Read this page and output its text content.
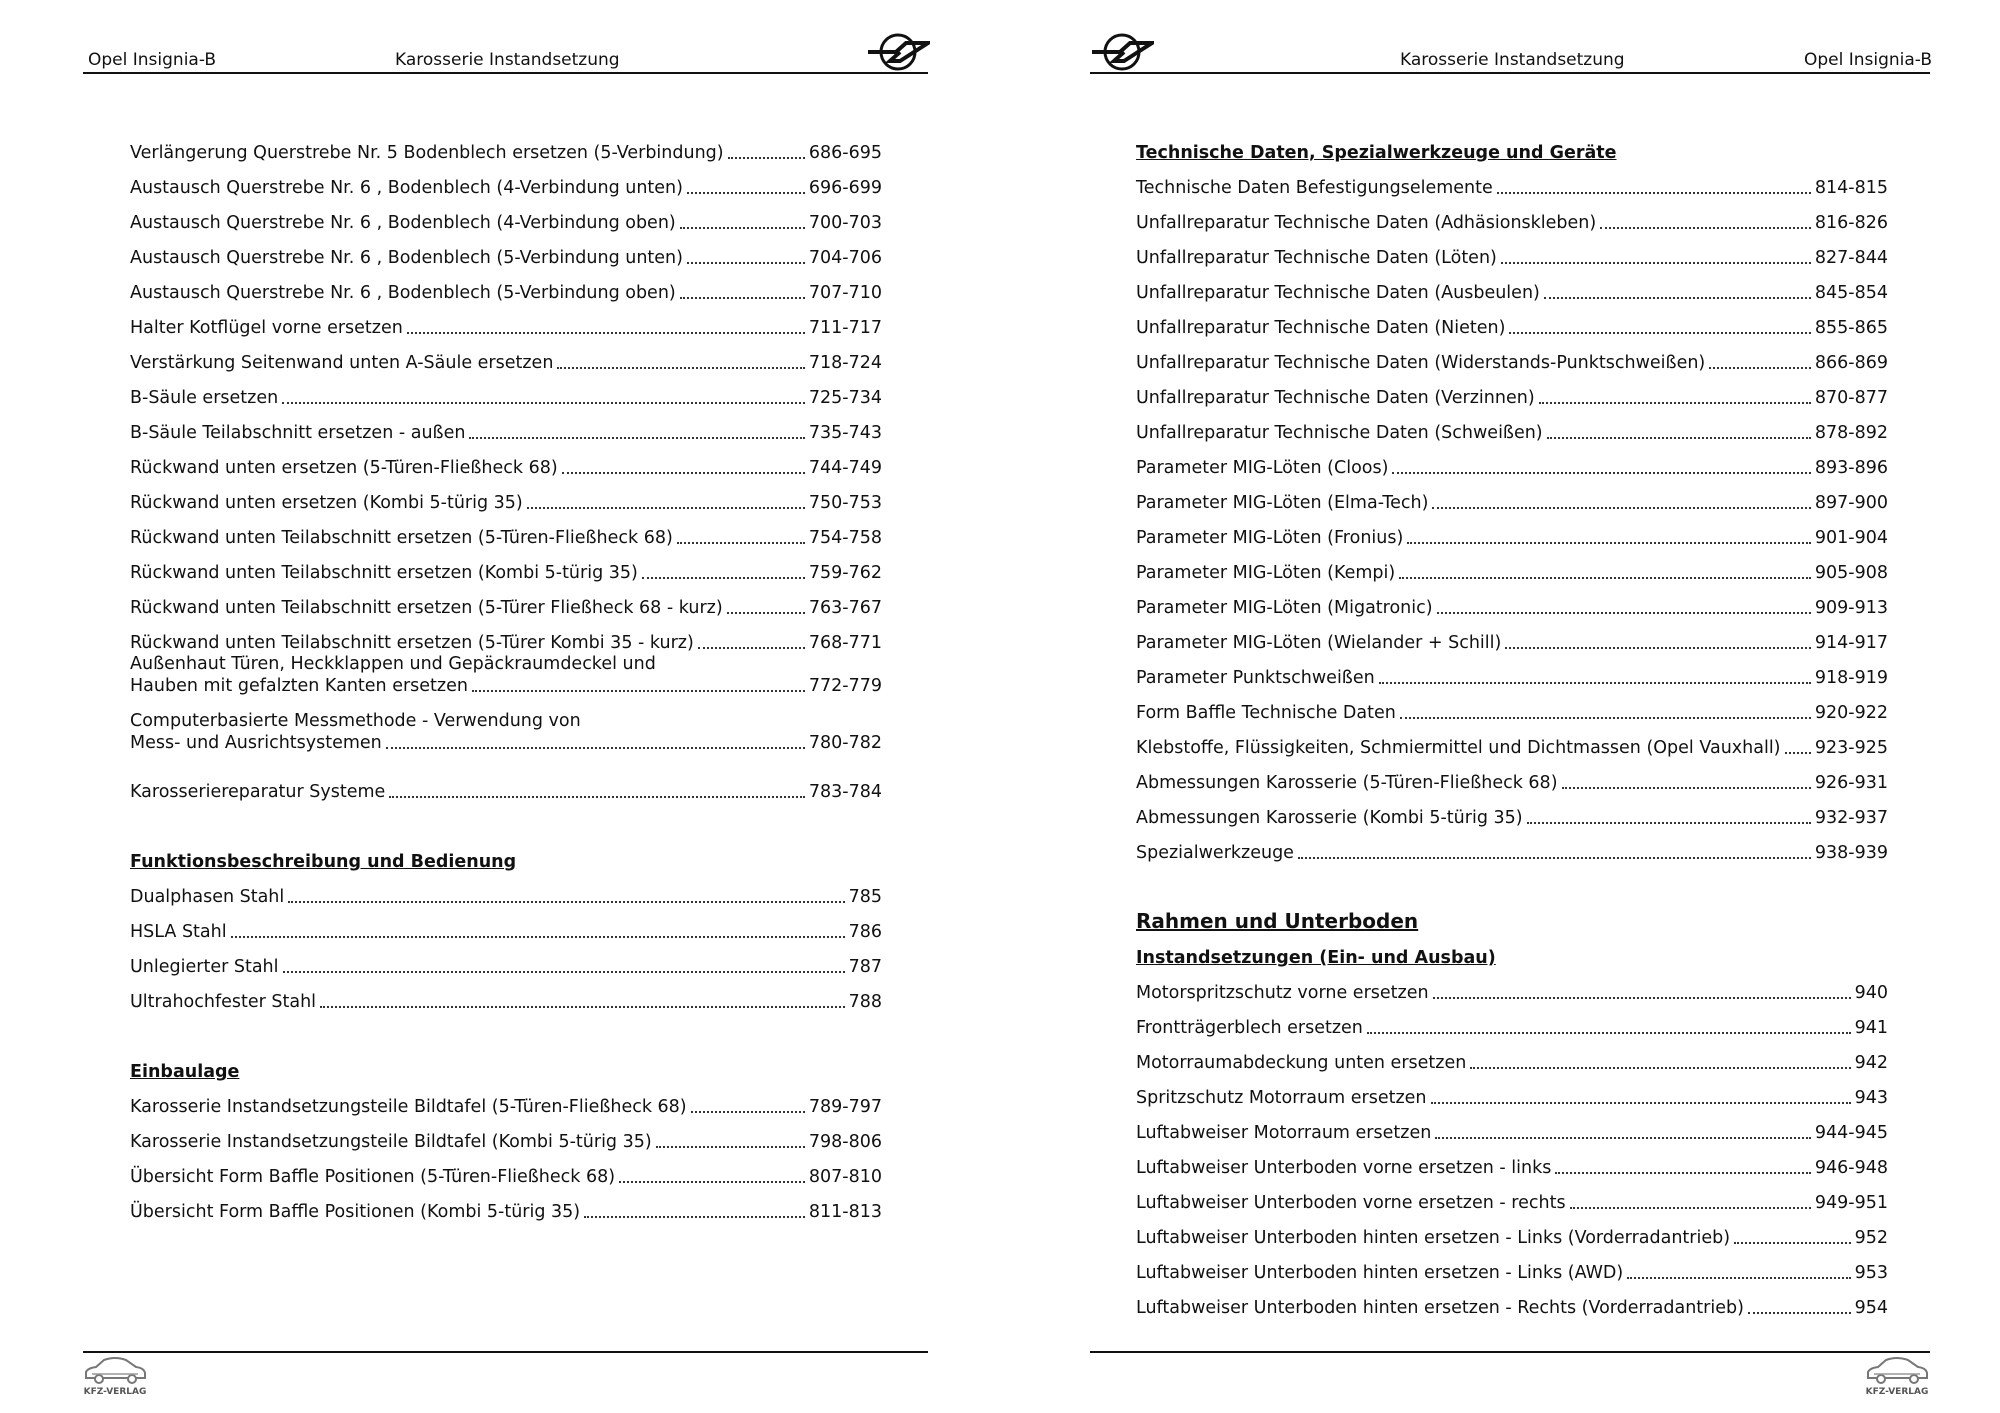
Opel Insignia-B	Karosserie Instandsetzung
Verlängerung Querstrebe Nr. 5 Bodenblech ersetzen (5-Verbindung)	686-695
Austausch Querstrebe Nr. 6 , Bodenblech (4-Verbindung unten)	696-699
Austausch Querstrebe Nr. 6 , Bodenblech (4-Verbindung oben)	700-703
Austausch Querstrebe Nr. 6 , Bodenblech (5-Verbindung unten)	704-706
Austausch Querstrebe Nr. 6 , Bodenblech (5-Verbindung oben)	707-710
Halter Kotflügel vorne ersetzen	711-717
Verstärkung Seitenwand unten A-Säule ersetzen	718-724
B-Säule ersetzen	725-734
B-Säule Teilabschnitt ersetzen - außen	735-743
Rückwand unten ersetzen (5-Türen-Fließheck 68)	744-749
Rückwand unten ersetzen (Kombi 5-türig 35)	750-753
Rückwand unten Teilabschnitt ersetzen (5-Türen-Fließheck 68)	754-758
Rückwand unten Teilabschnitt ersetzen (Kombi 5-türig 35)	759-762
Rückwand unten Teilabschnitt ersetzen (5-Türer Fließheck 68 - kurz)	763-767
Rückwand unten Teilabschnitt ersetzen (5-Türer Kombi 35 - kurz)	768-771
Außenhaut Türen, Heckklappen und Gepäckraumdeckel und
Hauben mit gefalzten Kanten ersetzen	772-779
Computerbasierte Messmethode - Verwendung von
Mess- und Ausrichtsystemen	780-782
Karosseriereparatur Systeme	783-784
Funktionsbeschreibung und Bedienung
Dualphasen Stahl	785
HSLA Stahl	786
Unlegierter Stahl	787
Ultrahochfester Stahl	788
Einbaulage
Karosserie Instandsetzungsteile Bildtafel (5-Türen-Fließheck 68)	789-797
Karosserie Instandsetzungsteile Bildtafel (Kombi 5-türig 35)	798-806
Übersicht Form Baffle Positionen (5-Türen-Fließheck 68)	807-810
Übersicht Form Baffle Positionen (Kombi 5-türig 35)	811-813
KFZ-VERLAG
Karosserie Instandsetzung	Opel Insignia-B
Technische Daten, Spezialwerkzeuge und Geräte
Technische Daten Befestigungselemente	814-815
Unfallreparatur Technische Daten (Adhäsionskleben)	816-826
Unfallreparatur Technische Daten (Löten)	827-844
Unfallreparatur Technische Daten (Ausbeulen)	845-854
Unfallreparatur Technische Daten (Nieten)	855-865
Unfallreparatur Technische Daten (Widerstands-Punktschweißen)	866-869
Unfallreparatur Technische Daten (Verzinnen)	870-877
Unfallreparatur Technische Daten (Schweißen)	878-892
Parameter MIG-Löten (Cloos)	893-896
Parameter MIG-Löten (Elma-Tech)	897-900
Parameter MIG-Löten (Fronius)	901-904
Parameter MIG-Löten (Kempi)	905-908
Parameter MIG-Löten (Migatronic)	909-913
Parameter MIG-Löten (Wielander + Schill)	914-917
Parameter Punktschweißen	918-919
Form Baffle Technische Daten	920-922
Klebstoffe, Flüssigkeiten, Schmiermittel und Dichtmassen (Opel Vauxhall) 923-925
Abmessungen Karosserie (5-Türen-Fließheck 68)	926-931
Abmessungen Karosserie (Kombi 5-türig 35)	932-937
Spezialwerkzeuge	938-939
Rahmen und Unterboden
Instandsetzungen (Ein- und Ausbau)
Motorspritzschutz vorne ersetzen	940
Frontträgerblech ersetzen	941
Motorraumabdeckung unten ersetzen	942
Spritzschutz Motorraum ersetzen	943
Luftabweiser Motorraum ersetzen	944-945
Luftabweiser Unterboden vorne ersetzen - links	946-948
Luftabweiser Unterboden vorne ersetzen - rechts	949-951
Luftabweiser Unterboden hinten ersetzen - Links (Vorderradantrieb)	952
Luftabweiser Unterboden hinten ersetzen - Links (AWD)	953
Luftabweiser Unterboden hinten ersetzen - Rechts (Vorderradantrieb)	954
KFZ-VERLAG
